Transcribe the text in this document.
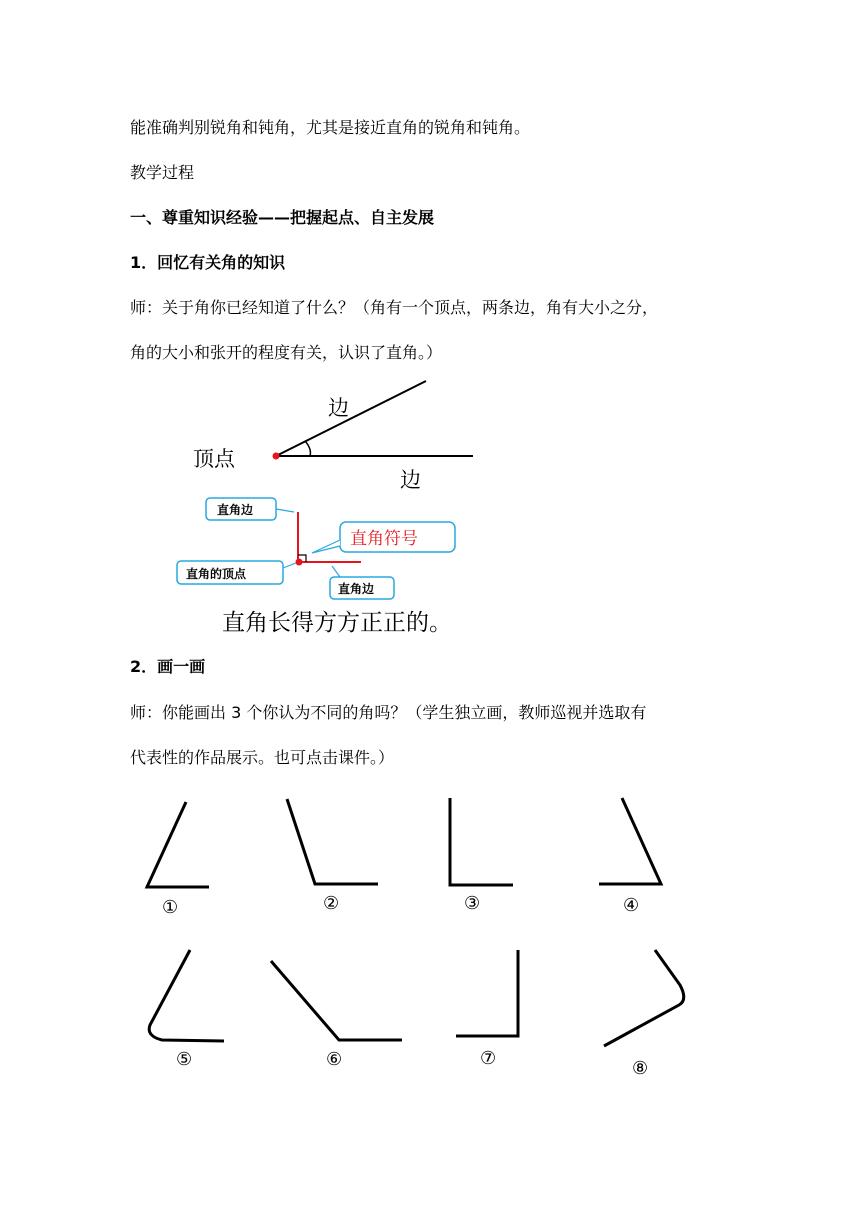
能准确判别锐角和钝角，尤其是接近直角的锐角和钝角。
教学过程
一、尊重知识经验——把握起点、自主发展
1．回忆有关角的知识
师：关于角你已经知道了什么？（角有一个顶点，两条边，角有大小之分，
角的大小和张开的程度有关，认识了直角。）
2．画一画
师：你能画出 3 个你认为不同的角吗？（学生独立画，教师巡视并选取有
代表性的作品展示。也可点击课件。）
边
边
顶点
直角边
直角符号
直角的顶点
直角边
直角长得方方正正的。
①	②	③	④
⑤	⑥	⑦	⑧
